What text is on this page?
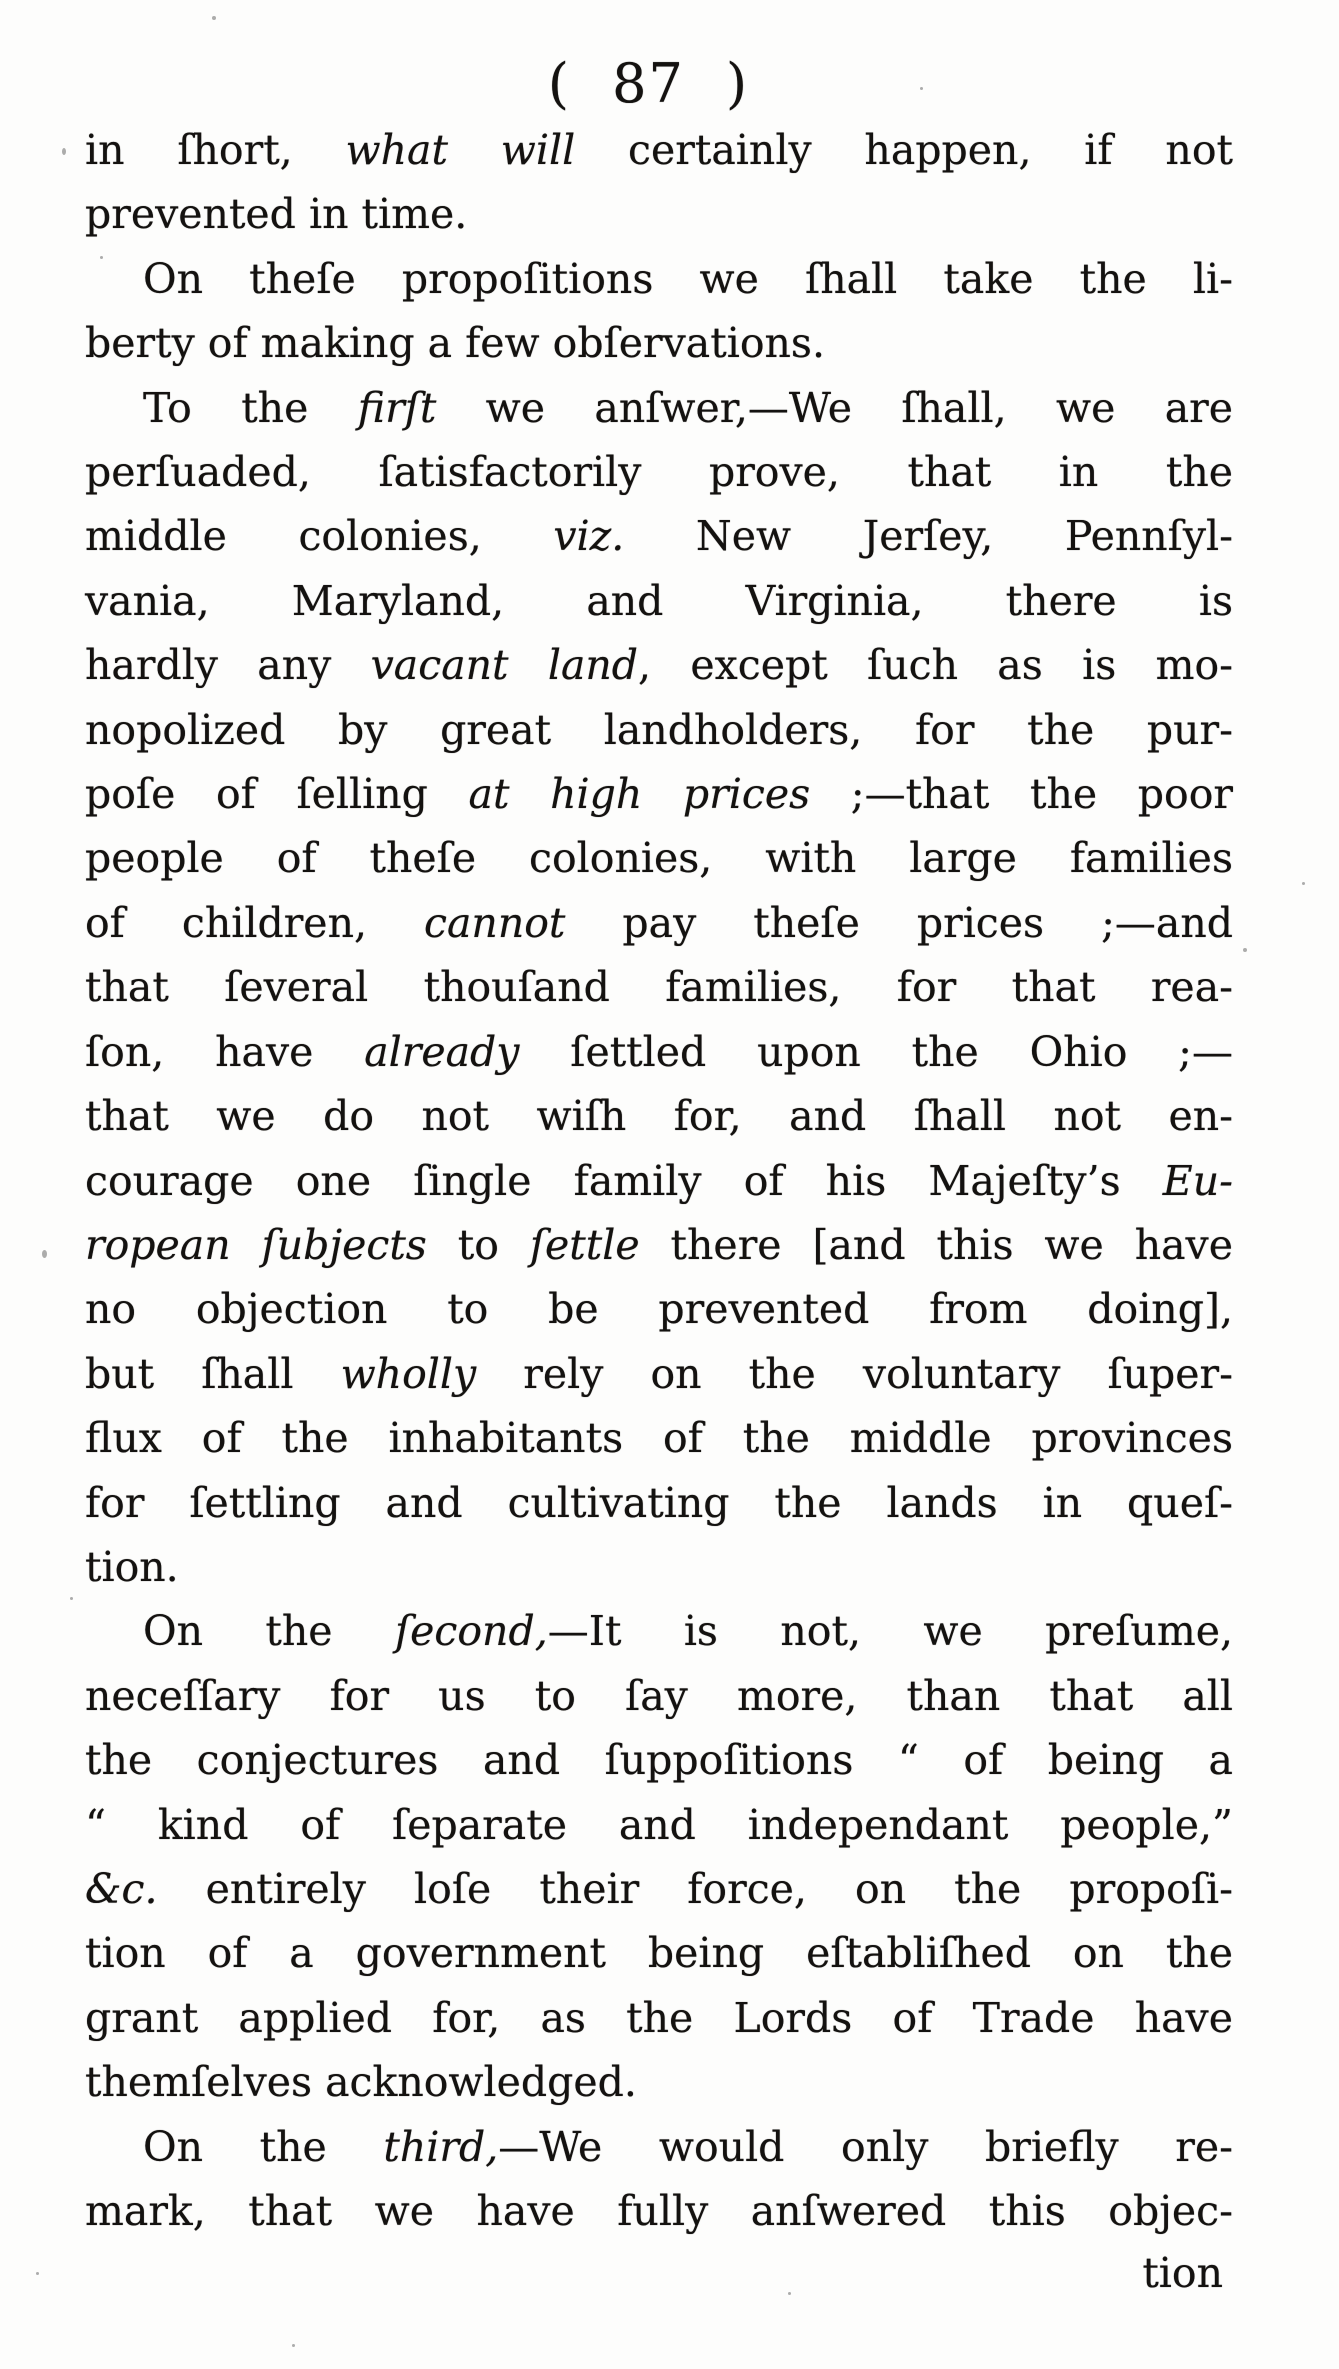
( 87 )
in ſhort, what will certainly happen, if not
prevented in time.
On theſe propoſitions we ſhall take the li-
berty of making a few obſervations.
To the firſt we anſwer,—We ſhall, we are
perſuaded, ſatisfactorily prove, that in the
middle colonies, viz. New Jerſey, Pennſyl-
vania, Maryland, and Virginia, there is
hardly any vacant land, except ſuch as is mo-
nopolized by great landholders, for the pur-
poſe of ſelling at high prices ;—that the poor
people of theſe colonies, with large families
of children, cannot pay theſe prices ;—and
that ſeveral thouſand families, for that rea-
ſon, have already ſettled upon the Ohio ;—
that we do not wiſh for, and ſhall not en-
courage one ſingle family of his Majeſty’s Eu-
ropean ſubjects to ſettle there [and this we have
no objection to be prevented from doing],
but ſhall wholly rely on the voluntary ſuper-
flux of the inhabitants of the middle provinces
for ſettling and cultivating the lands in queſ-
tion.
On the ſecond,—It is not, we preſume,
neceſſary for us to ſay more, than that all
the conjectures and ſuppoſitions “ of being a
“ kind of ſeparate and independant people,”
&c. entirely loſe their force, on the propoſi-
tion of a government being eſtabliſhed on the
grant applied for, as the Lords of Trade have
themſelves acknowledged.
On the third,—We would only briefly re-
mark, that we have fully anſwered this objec-
tion
